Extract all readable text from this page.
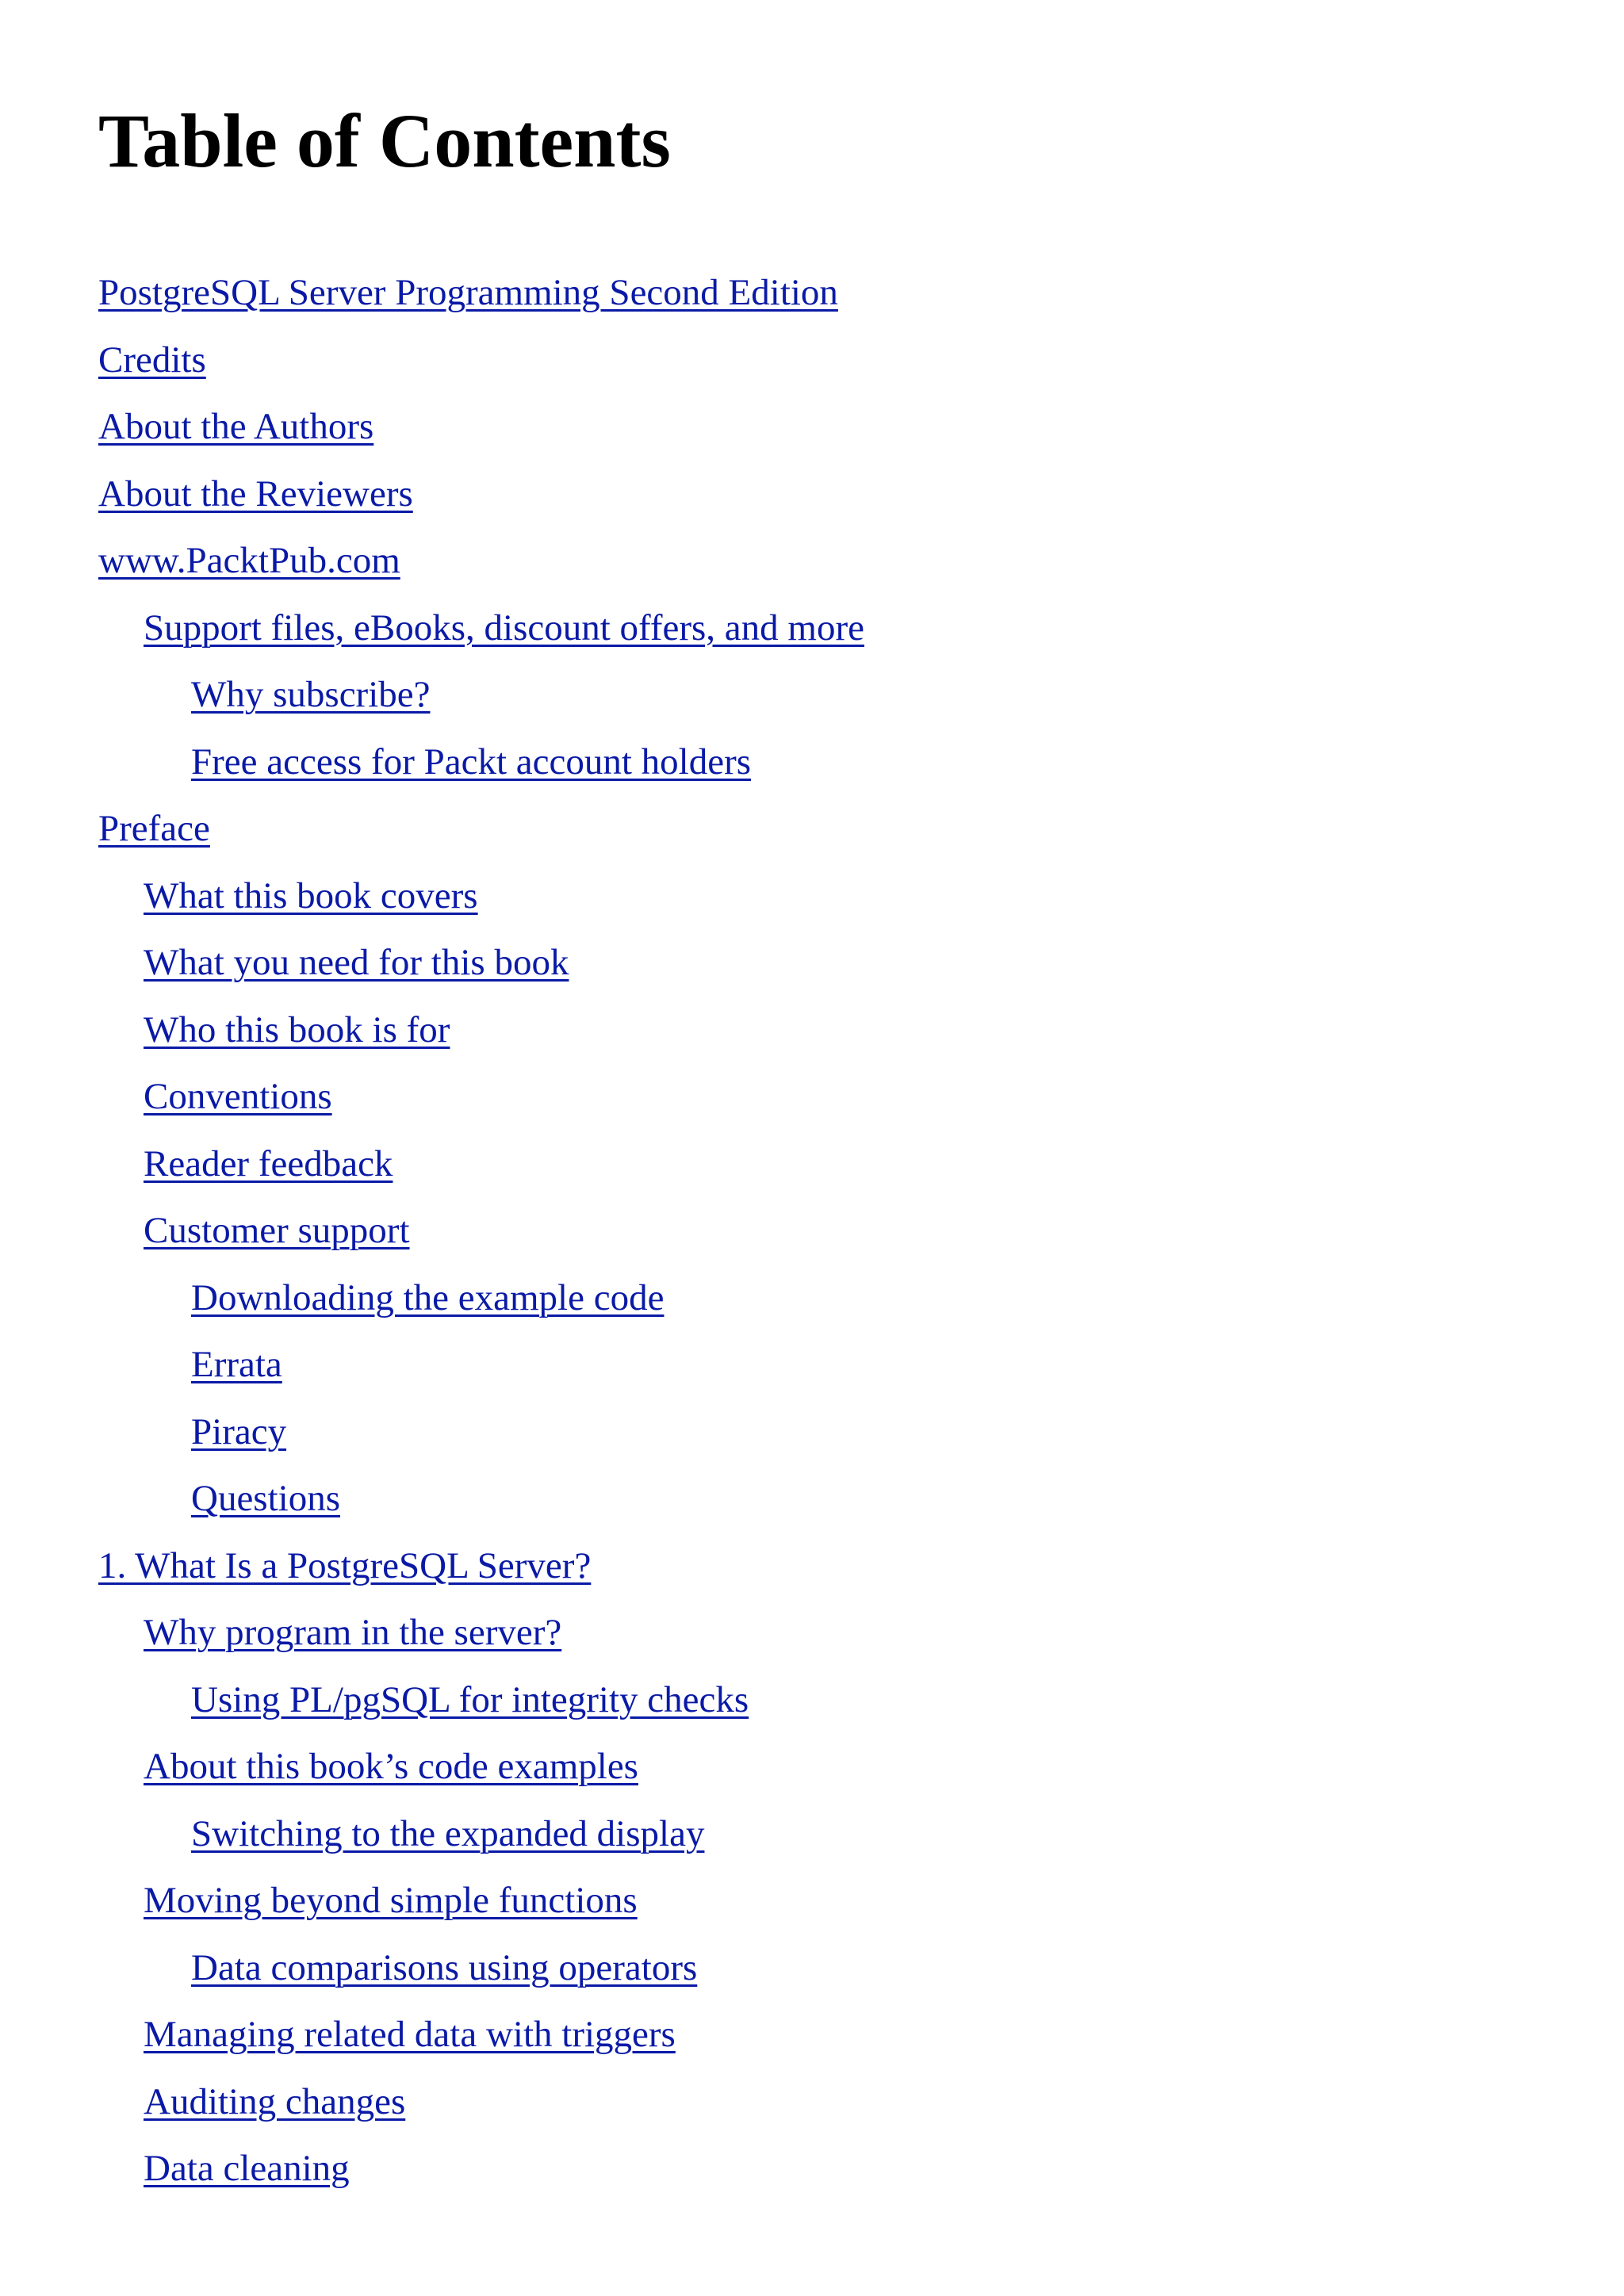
Table of Contents
PostgreSQL Server Programming Second Edition
Credits
About the Authors
About the Reviewers
www.PacktPub.com
Support files, eBooks, discount offers, and more
Why subscribe?
Free access for Packt account holders
Preface
What this book covers
What you need for this book
Who this book is for
Conventions
Reader feedback
Customer support
Downloading the example code
Errata
Piracy
Questions
1. What Is a PostgreSQL Server?
Why program in the server?
Using PL/pgSQL for integrity checks
About this book’s code examples
Switching to the expanded display
Moving beyond simple functions
Data comparisons using operators
Managing related data with triggers
Auditing changes
Data cleaning
